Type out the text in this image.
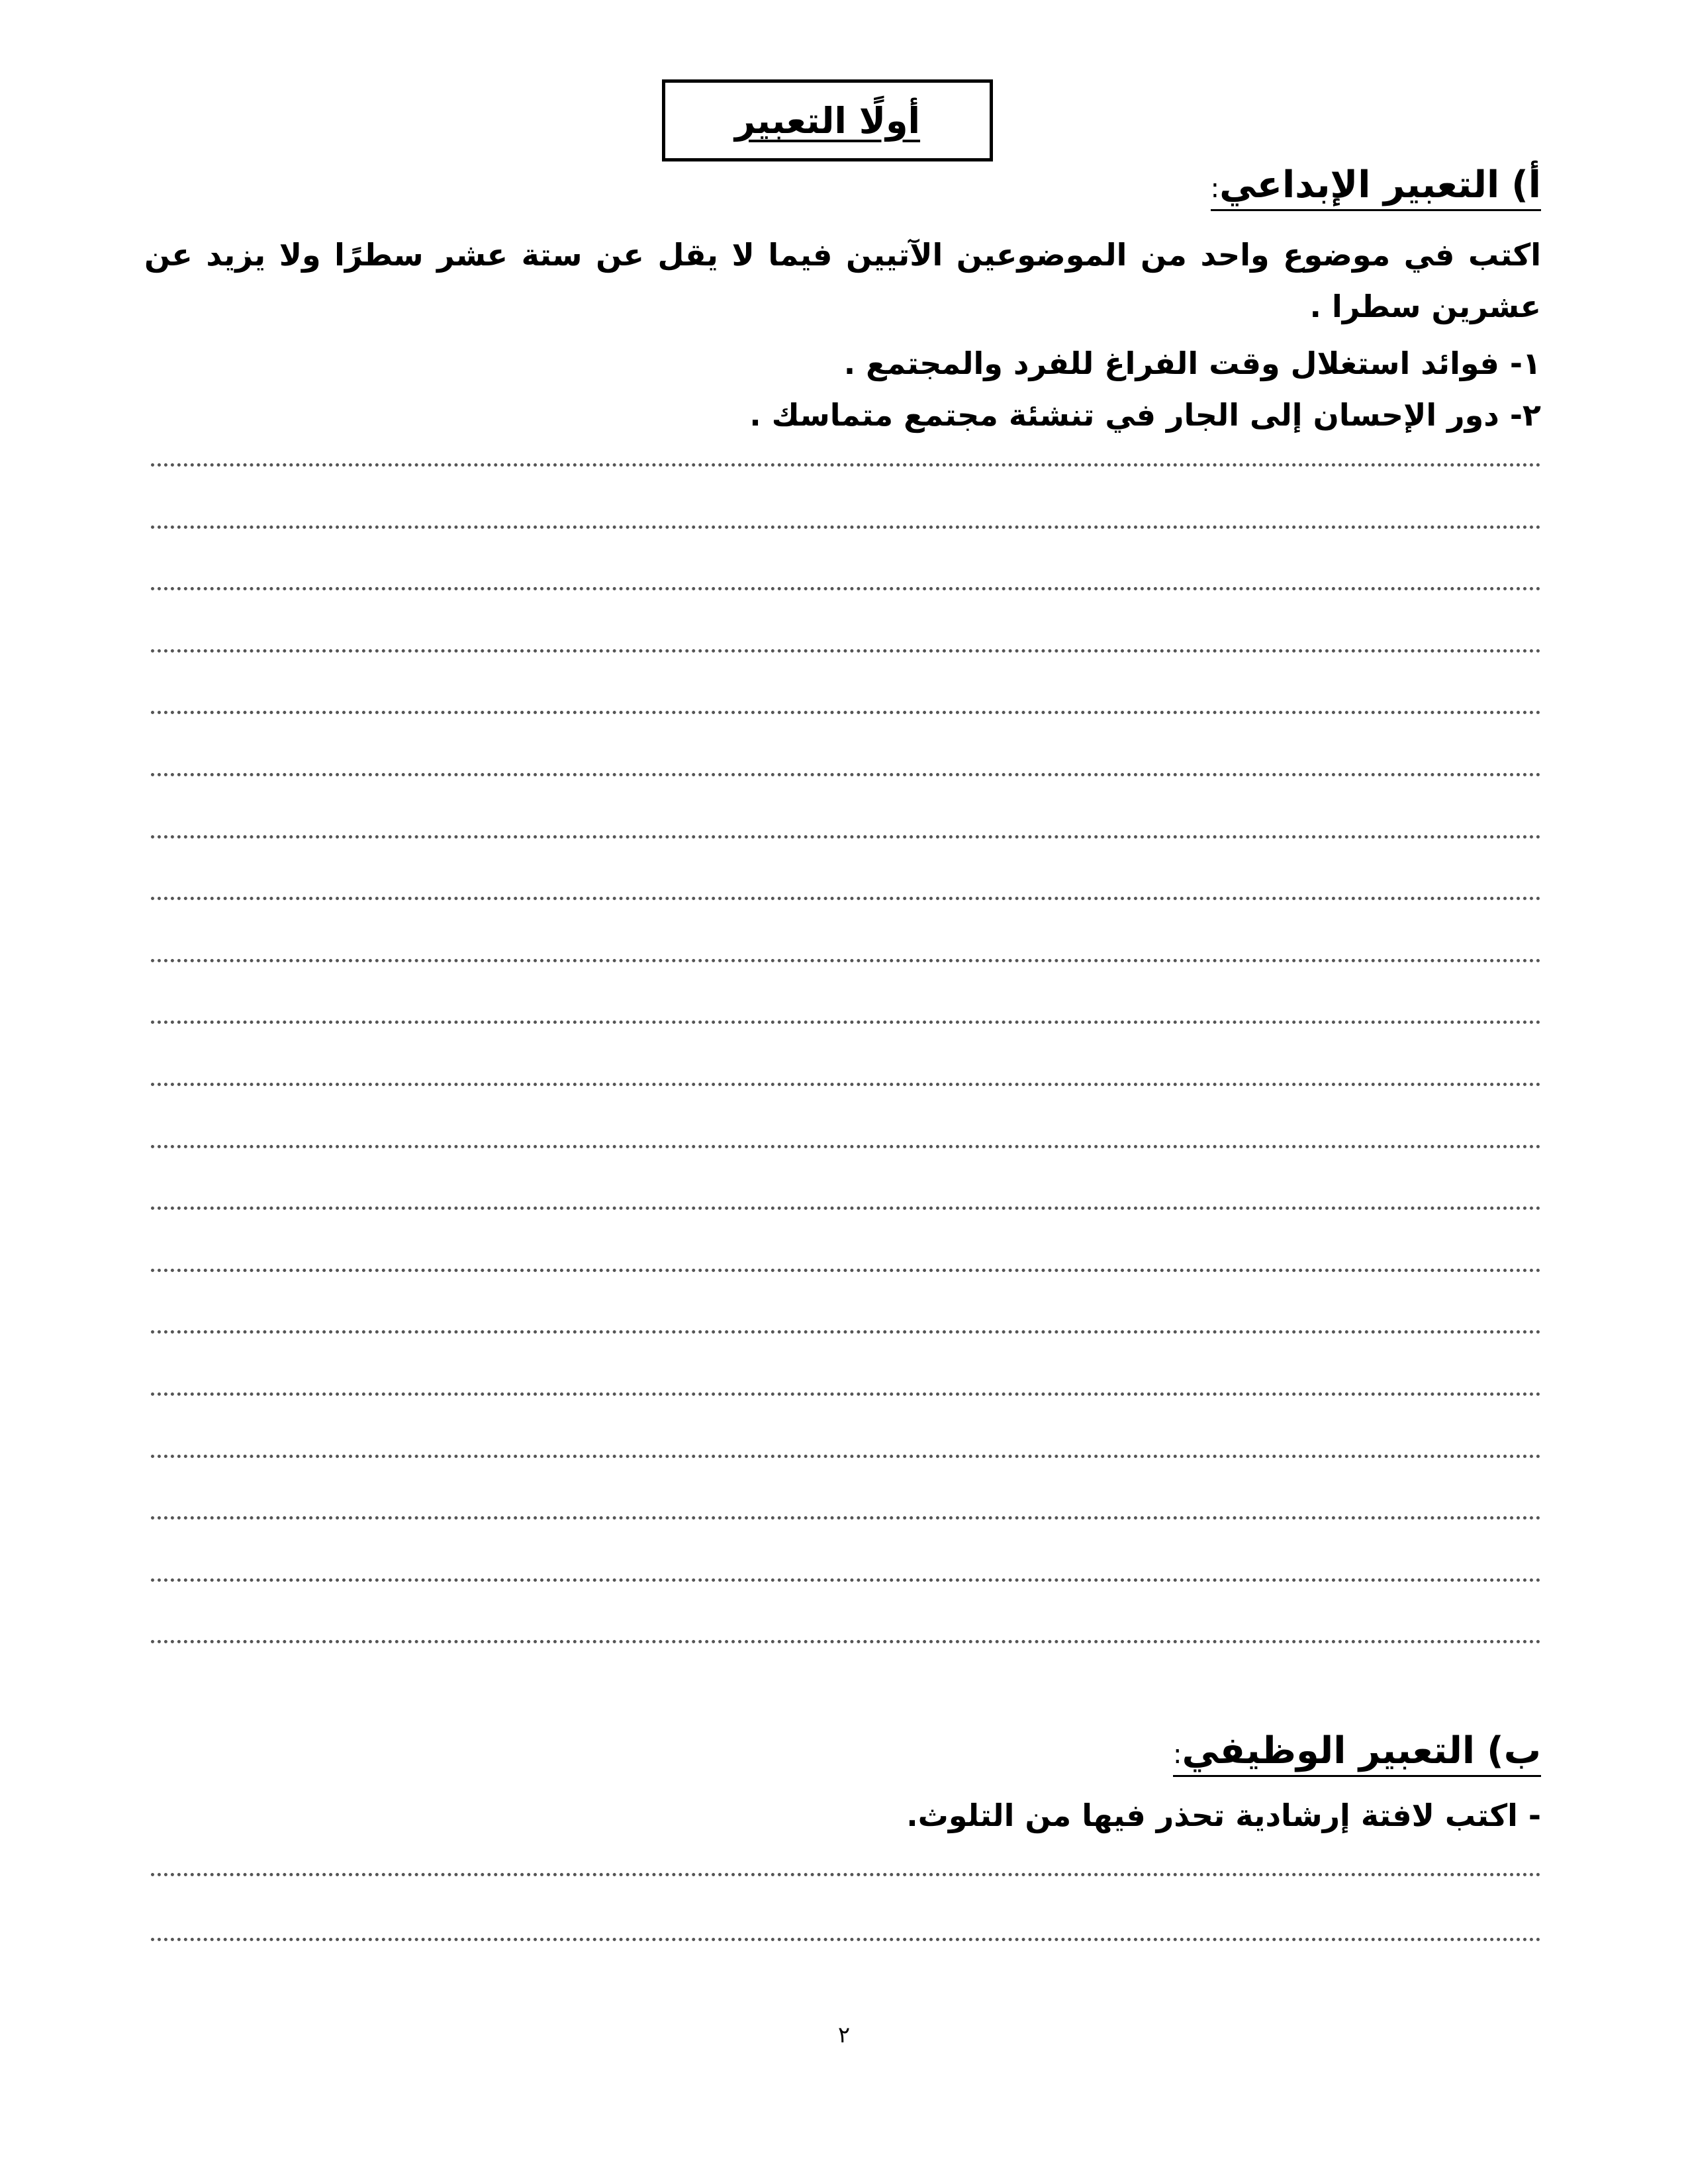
أولًا التعبير
أ)التعبير الإبداعي:
اكتب في موضوع واحد من الموضوعين الآتيين فيما لا يقل عن ستة عشر سطرًا ولا يزيد عن عشرين سطرا .
١- فوائد استغلال وقت الفراغ للفرد والمجتمع .
٢- دور الإحسان إلى الجار في تنشئة مجتمع متماسك .
ب)التعبير الوظيفي:
- اكتب لافتة إرشادية تحذر فيها من التلوث.
٢
